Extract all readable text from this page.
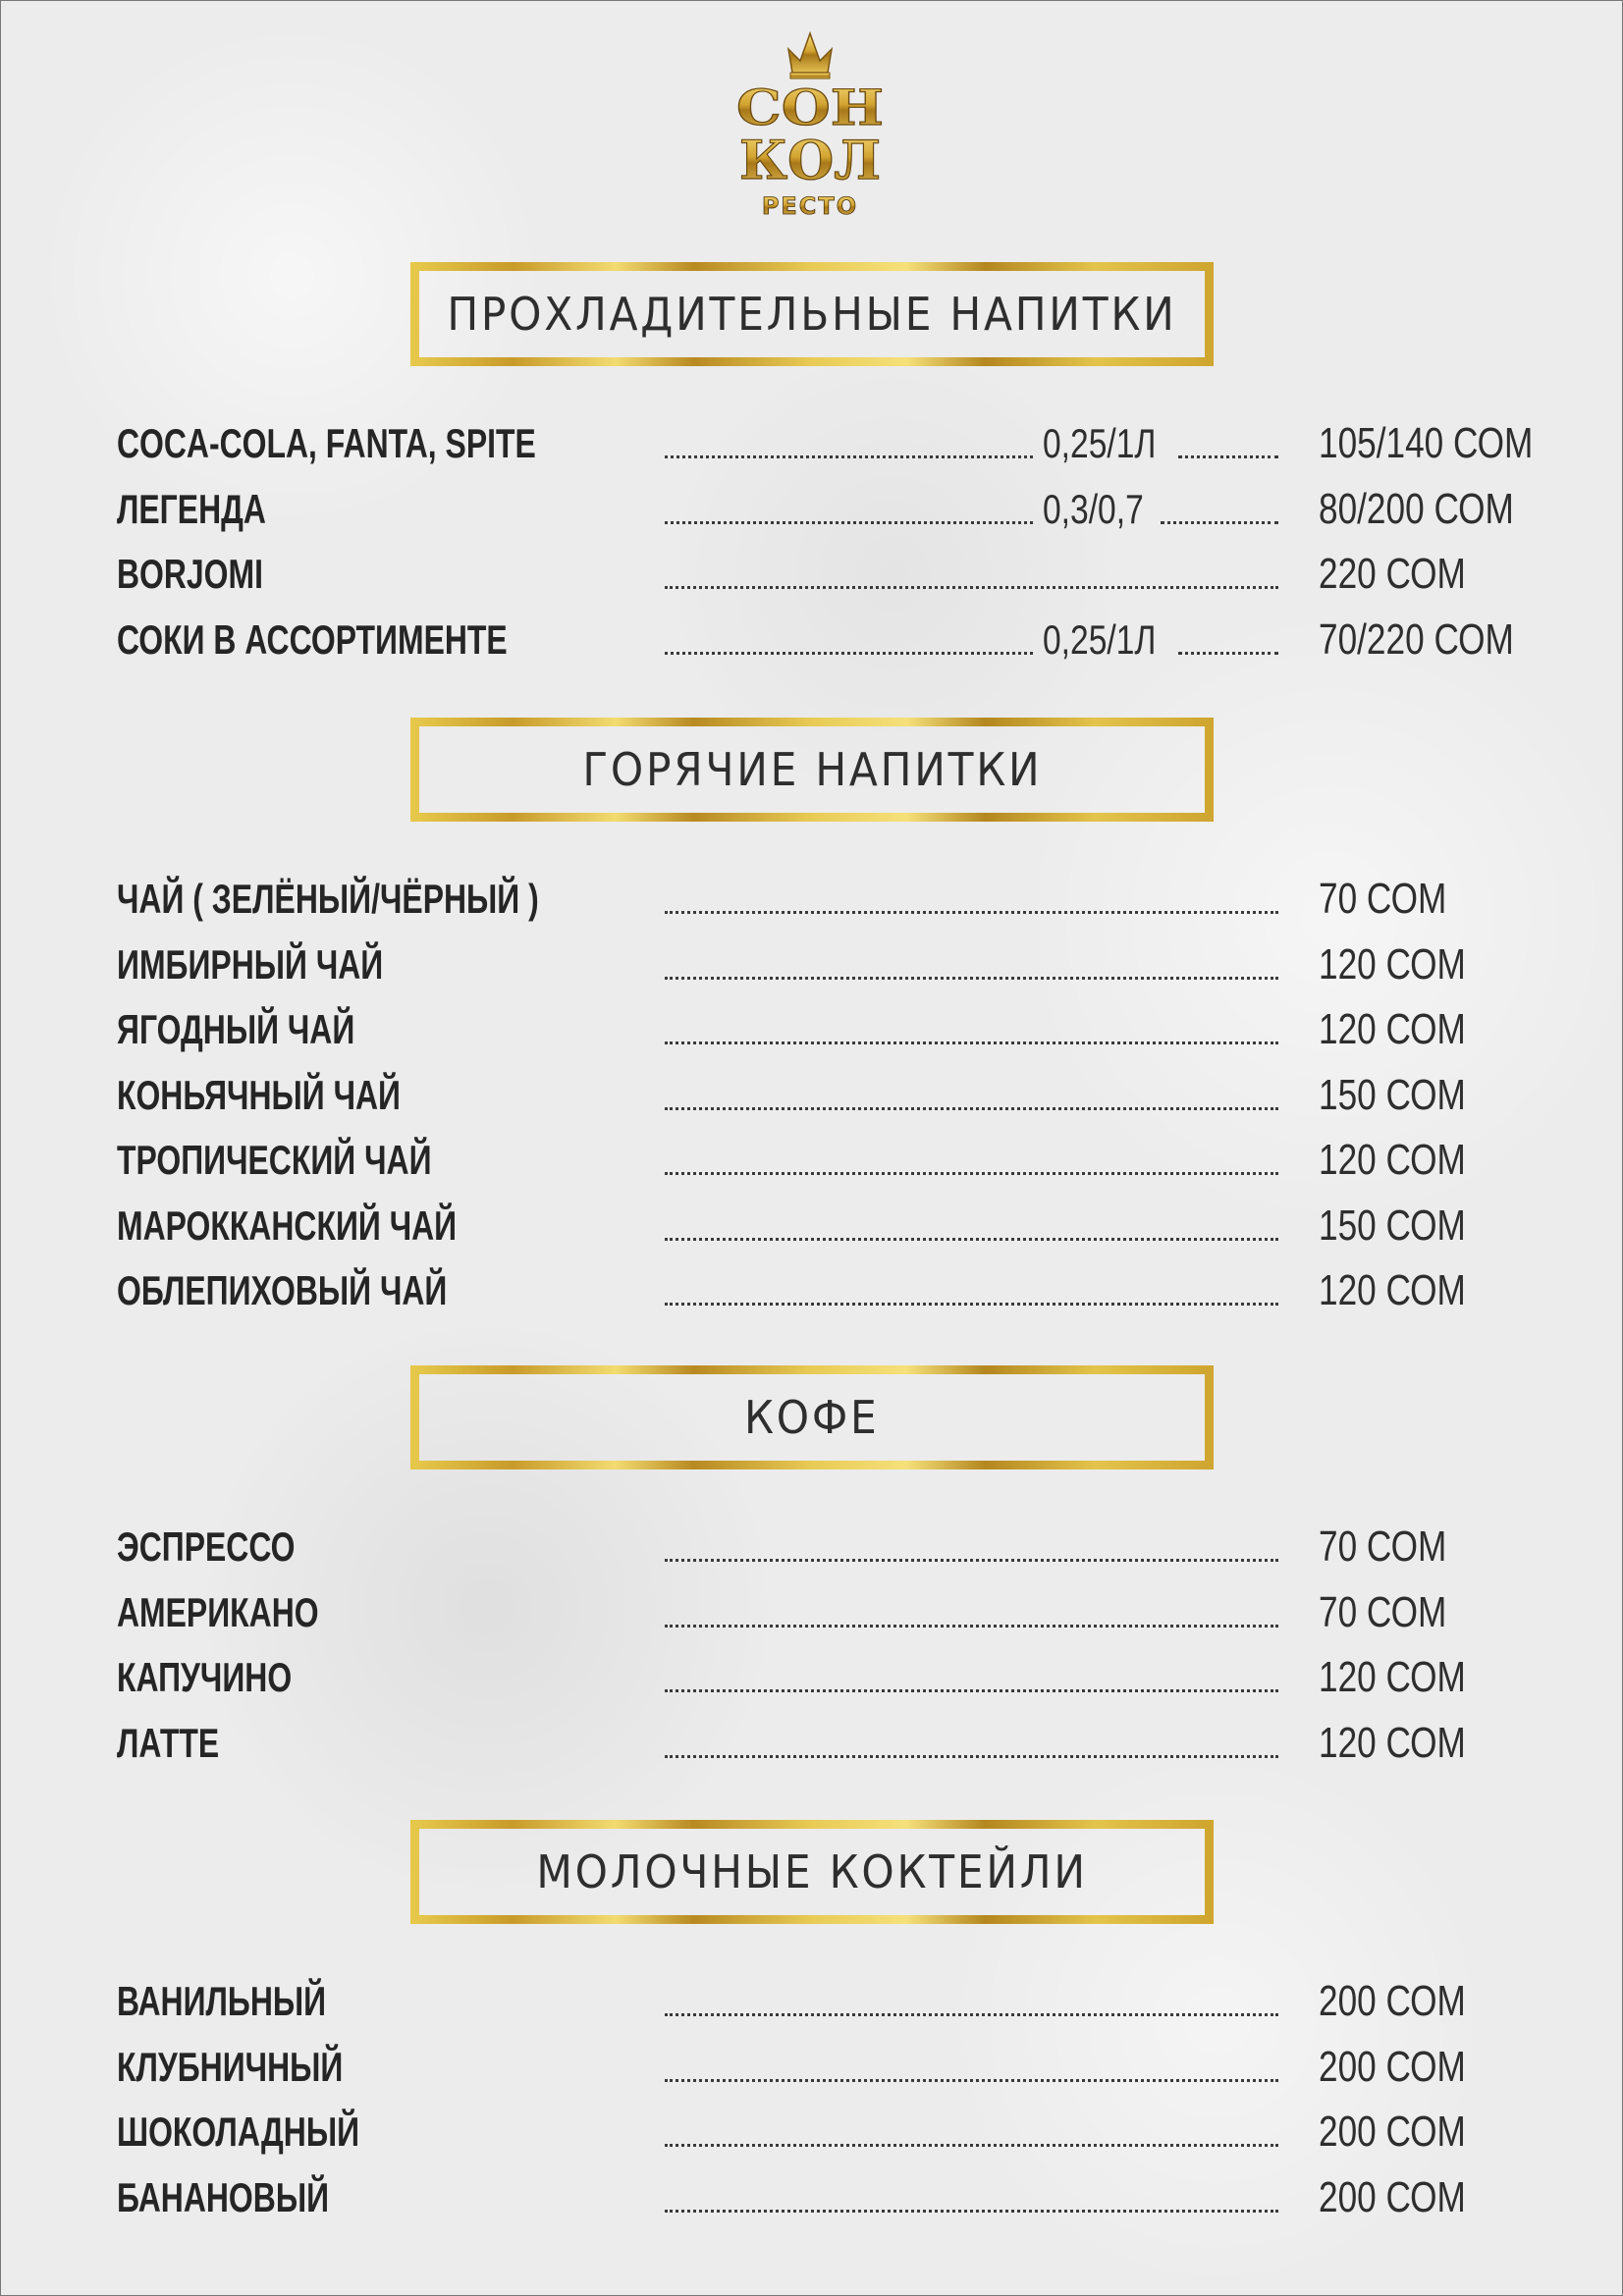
СОН
КОЛ
РЕСТО
ПРОХЛАДИТЕЛЬНЫЕ НАПИТКИ
COCA-COLA, FANTA, SPITE	0,25/1Л	105/140 СОМ
ЛЕГЕНДА	0,3/0,7	80/200 СОМ
BORJOMI	220 СОМ
СОКИ В АССОРТИМЕНТЕ	0,25/1Л	70/220 СОМ
ГОРЯЧИЕ НАПИТКИ
ЧАЙ ( ЗЕЛЁНЫЙ/ЧЁРНЫЙ )	70 СОМ
ИМБИРНЫЙ ЧАЙ	120 СОМ
ЯГОДНЫЙ ЧАЙ	120 СОМ
КОНЬЯЧНЫЙ ЧАЙ	150 СОМ
ТРОПИЧЕСКИЙ ЧАЙ	120 СОМ
МАРОККАНСКИЙ ЧАЙ	150 СОМ
ОБЛЕПИХОВЫЙ ЧАЙ	120 СОМ
КОФЕ
ЭСПРЕССО	70 СОМ
АМЕРИКАНО	70 СОМ
КАПУЧИНО	120 СОМ
ЛАТТЕ	120 СОМ
МОЛОЧНЫЕ КОКТЕЙЛИ
ВАНИЛЬНЫЙ	200 СОМ
КЛУБНИЧНЫЙ	200 СОМ
ШОКОЛАДНЫЙ	200 СОМ
БАНАНОВЫЙ	200 СОМ
